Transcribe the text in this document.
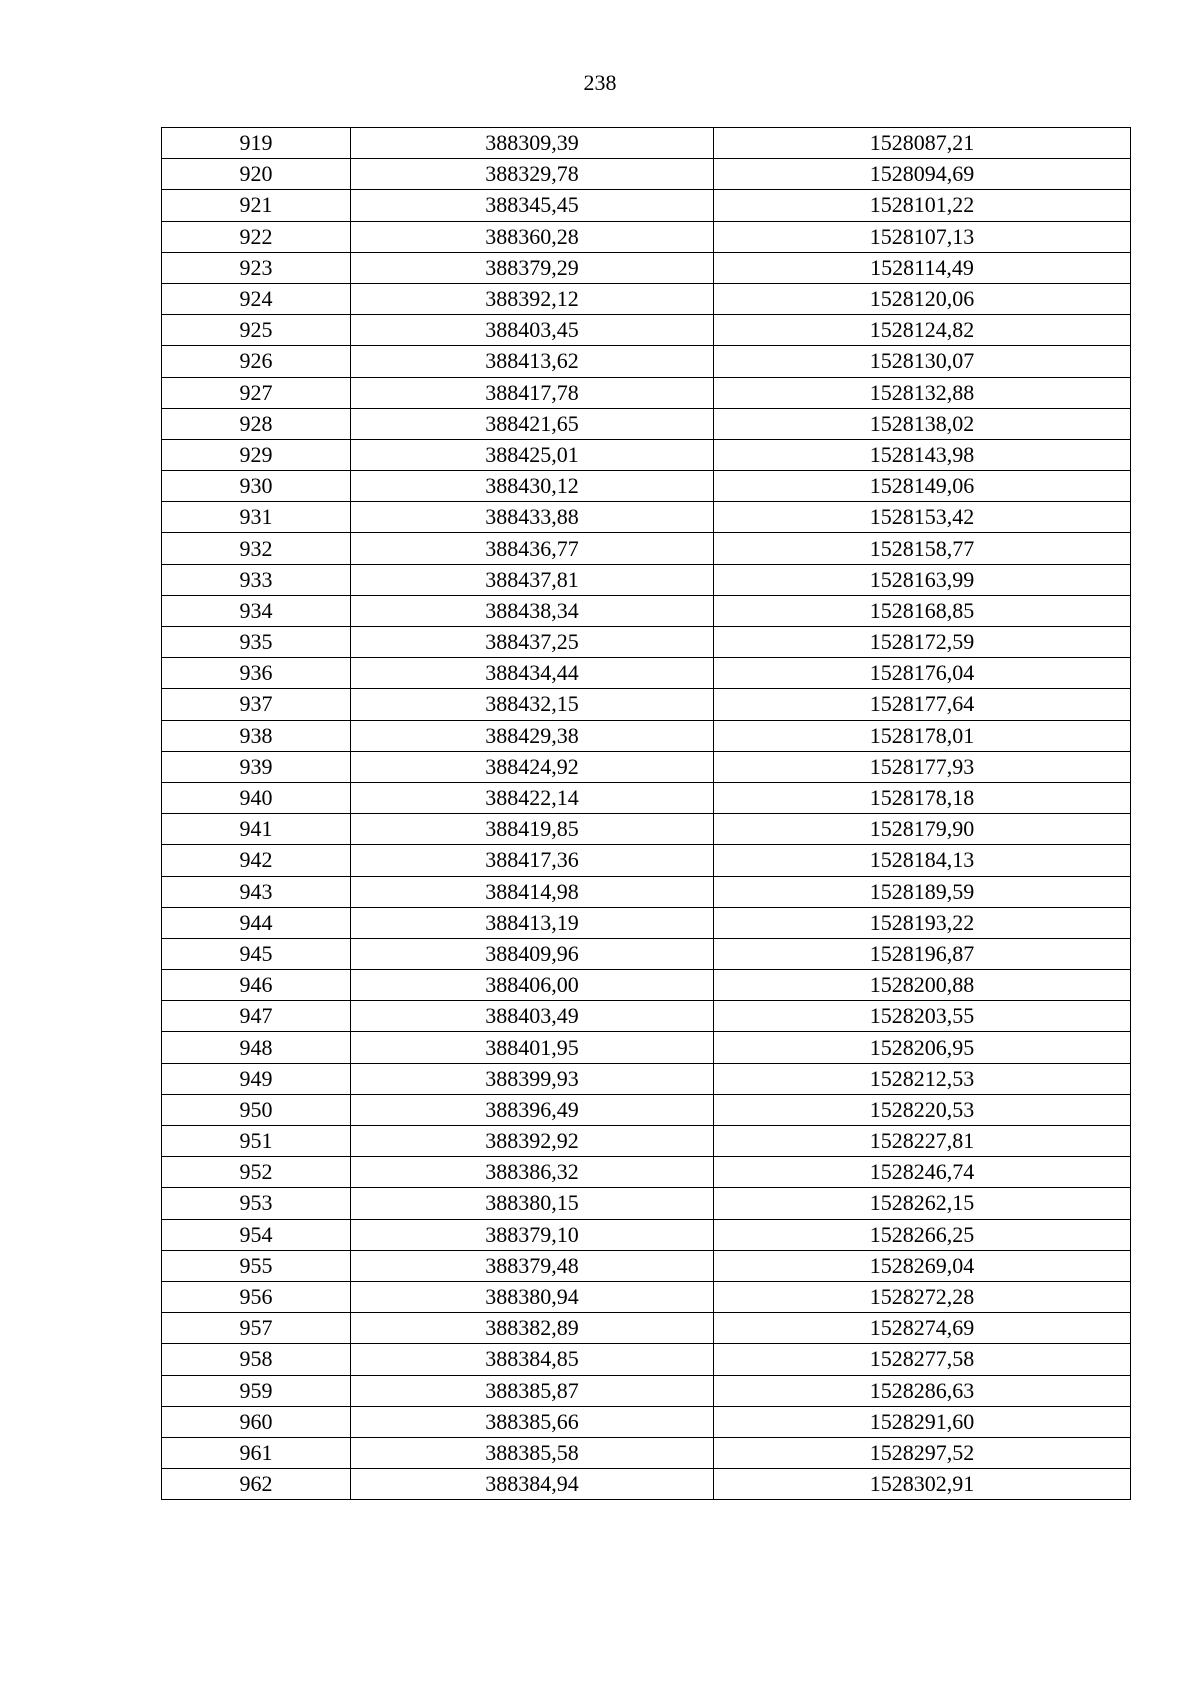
238
919	388309,39	1528087,21
920	388329,78	1528094,69
921	388345,45	1528101,22
922	388360,28	1528107,13
923	388379,29	1528114,49
924	388392,12	1528120,06
925	388403,45	1528124,82
926	388413,62	1528130,07
927	388417,78	1528132,88
928	388421,65	1528138,02
929	388425,01	1528143,98
930	388430,12	1528149,06
931	388433,88	1528153,42
932	388436,77	1528158,77
933	388437,81	1528163,99
934	388438,34	1528168,85
935	388437,25	1528172,59
936	388434,44	1528176,04
937	388432,15	1528177,64
938	388429,38	1528178,01
939	388424,92	1528177,93
940	388422,14	1528178,18
941	388419,85	1528179,90
942	388417,36	1528184,13
943	388414,98	1528189,59
944	388413,19	1528193,22
945	388409,96	1528196,87
946	388406,00	1528200,88
947	388403,49	1528203,55
948	388401,95	1528206,95
949	388399,93	1528212,53
950	388396,49	1528220,53
951	388392,92	1528227,81
952	388386,32	1528246,74
953	388380,15	1528262,15
954	388379,10	1528266,25
955	388379,48	1528269,04
956	388380,94	1528272,28
957	388382,89	1528274,69
958	388384,85	1528277,58
959	388385,87	1528286,63
960	388385,66	1528291,60
961	388385,58	1528297,52
962	388384,94	1528302,91
